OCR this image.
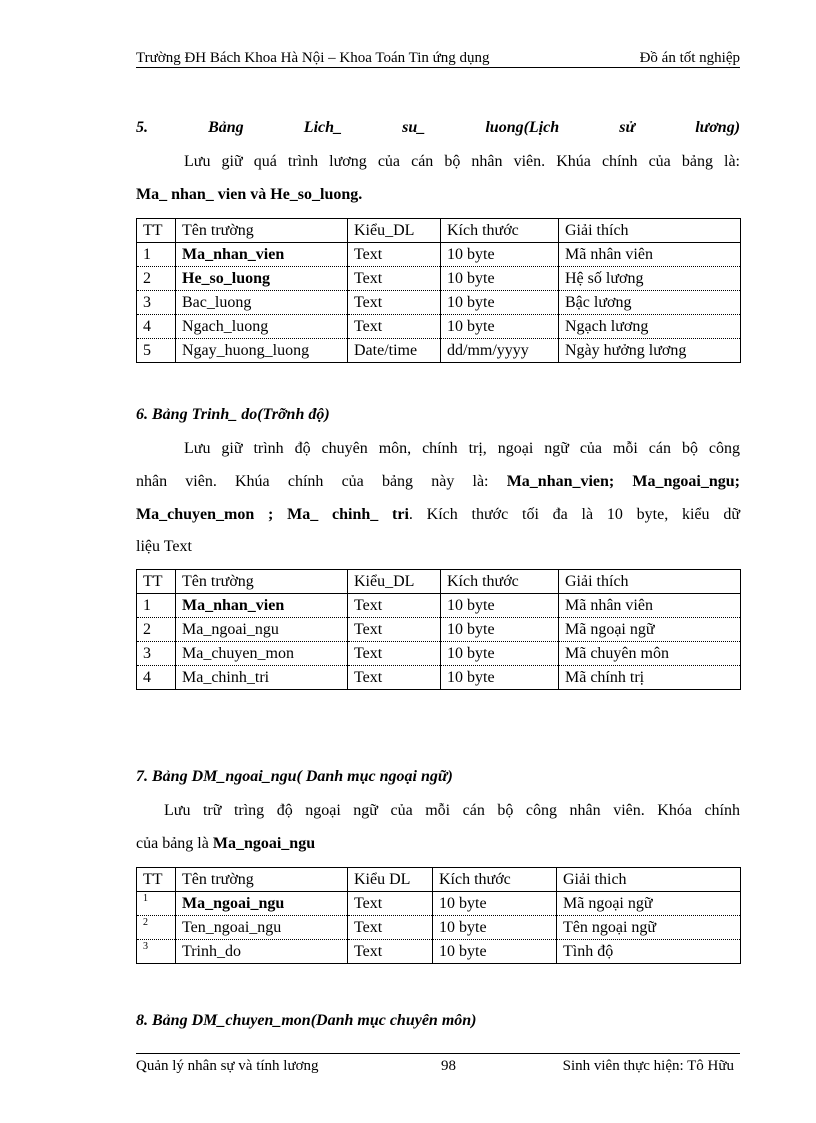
Trường ĐH Bách Khoa Hà Nội – Khoa Toán Tin ứng dụng	Đồ án tốt nghiệp
5.	Bảng	Lich_	su_	luong(Lịch	sử	lương)
Lưu giữ quá trình lương của cán bộ nhân viên. Khúa chính của bảng là:
Ma_ nhan_ vien và He_so_luong.
TT	Tên trường	Kiểu_DL	Kích thước	Giải thích
1	Ma_nhan_vien	Text	10 byte	Mã nhân viên
2	He_so_luong	Text	10 byte	Hệ số lương
3	Bac_luong	Text	10 byte	Bậc lương
4	Ngach_luong	Text	10 byte	Ngạch lương
5	Ngay_huong_luong	Date/time	dd/mm/yyyy	Ngày hưởng lương
6. Bảng Trinh_ do(Trỡnh độ)
Lưu giữ trình độ chuyên môn, chính trị, ngoại ngữ của mỗi cán bộ công
nhân viên. Khúa chính của bảng này là: Ma_nhan_vien; Ma_ngoai_ngu;
Ma_chuyen_mon ; Ma_ chinh_ tri. Kích thước tối đa là 10 byte, kiểu dữ
liệu Text
TT	Tên trường	Kiểu_DL	Kích thước	Giải thích
1	Ma_nhan_vien	Text	10 byte	Mã nhân viên
2	Ma_ngoai_ngu	Text	10 byte	Mã ngoại ngữ
3	Ma_chuyen_mon	Text	10 byte	Mã chuyên môn
4	Ma_chinh_tri	Text	10 byte	Mã chính trị
7. Bảng DM_ngoai_ngu( Danh mục ngoại ngữ)
Lưu trữ trìng độ ngoại ngữ của mỗi cán bộ công nhân viên. Khóa chính
của bảng là Ma_ngoai_ngu
TT	Tên trường	Kiểu DL	Kích thước	Giải thich
$^1$	Ma_ngoai_ngu	Text	10 byte	Mã ngoại ngữ
$^2$	Ten_ngoai_ngu	Text	10 byte	Tên ngoại ngữ
$^3$	Trinh_do	Text	10 byte	Tình độ
8. Bảng DM_chuyen_mon(Danh mục chuyên môn)
Quản lý nhân sự và tính lương	98	Sinh viên thực hiện: Tô Hữu
